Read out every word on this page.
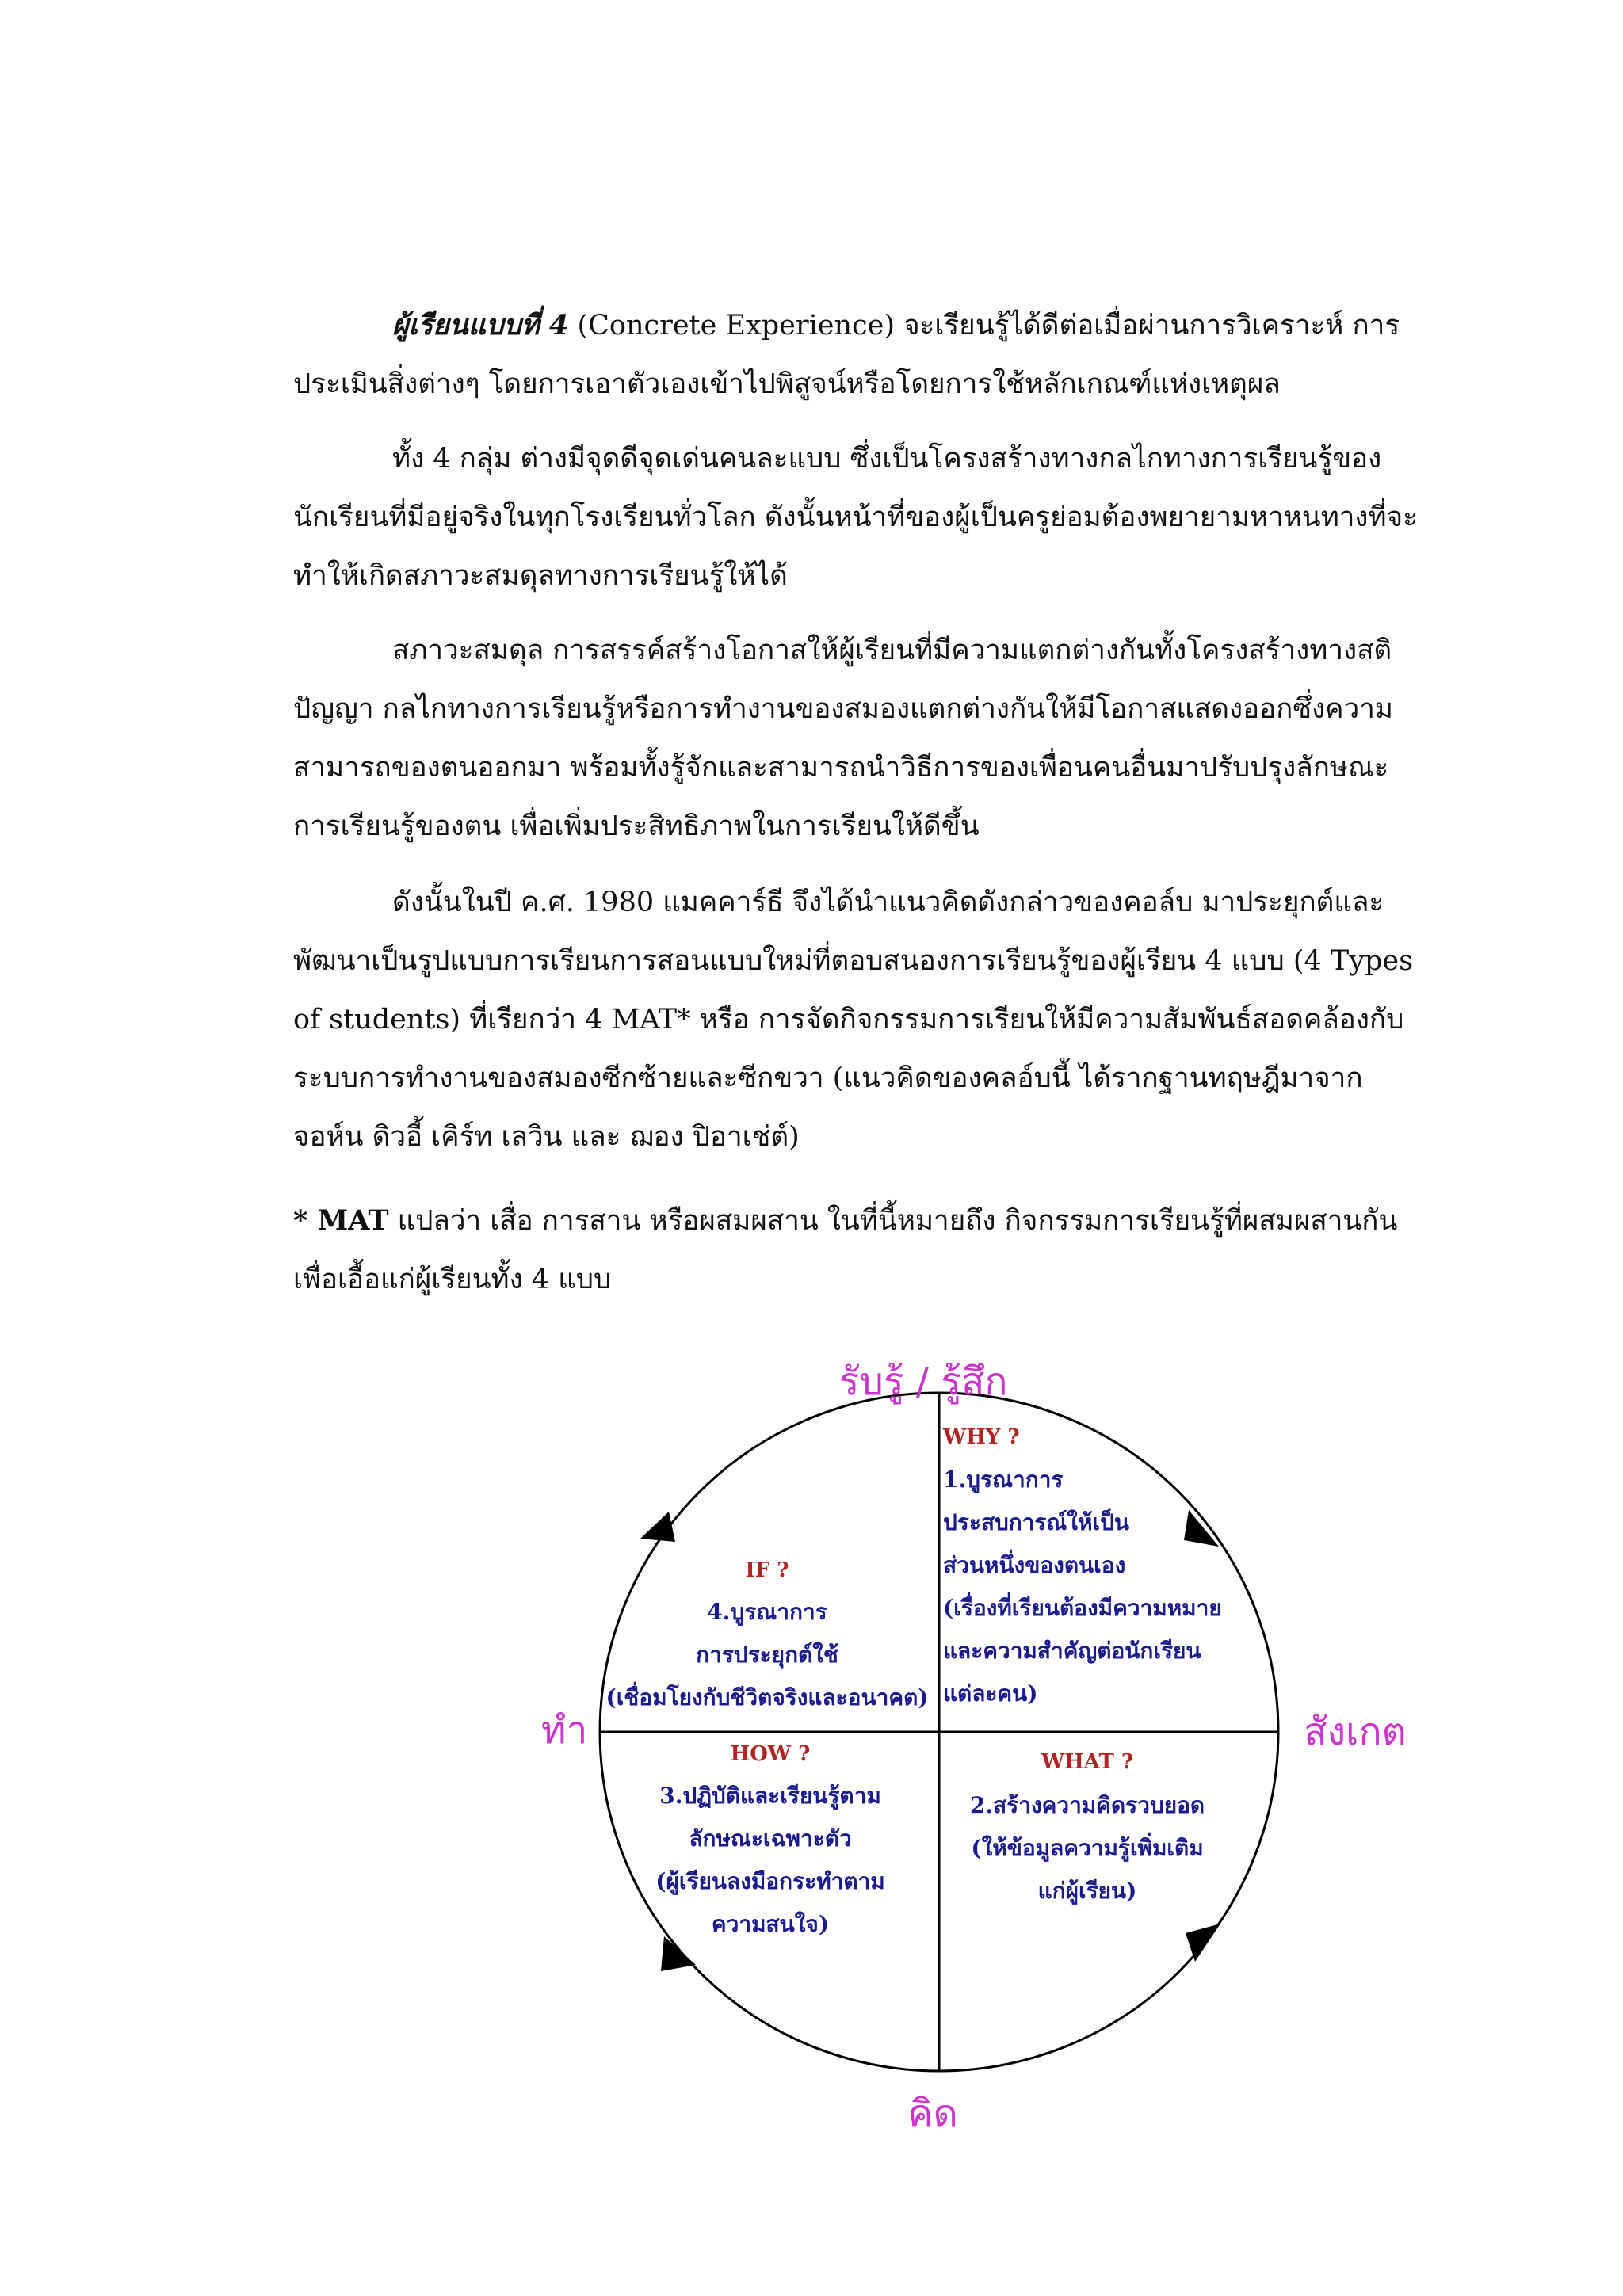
ผู้เรียนแบบที่ 4 (Concrete Experience) จะเรียนรู้ได้ดีต่อเมื่อผ่านการวิเคราะห์ การประเมินสิ่งต่างๆ โดยการเอาตัวเองเข้าไปพิสูจน์หรือโดยการใช้หลักเกณฑ์แห่งเหตุผล

ทั้ง 4 กลุ่ม ต่างมีจุดดีจุดเด่นคนละแบบ ซึ่งเป็นโครงสร้างทางกลไกทางการเรียนรู้ของนักเรียนที่มีอยู่จริงในทุกโรงเรียนทั่วโลก ดังนั้นหน้าที่ของผู้เป็นครูย่อมต้องพยายามหาหนทางที่จะทำให้เกิดสภาวะสมดุลทางการเรียนรู้ให้ได้

สภาวะสมดุล การสรรค์สร้างโอกาสให้ผู้เรียนที่มีความแตกต่างกันทั้งโครงสร้างทางสติปัญญา กลไกทางการเรียนรู้หรือการทำงานของสมองแตกต่างกันให้มีโอกาสแสดงออกซึ่งความสามารถของตนออกมา พร้อมทั้งรู้จักและสามารถนำวิธีการของเพื่อนคนอื่นมาปรับปรุงลักษณะการเรียนรู้ของตน เพื่อเพิ่มประสิทธิภาพในการเรียนให้ดีขึ้น

ดังนั้นในปี ค.ศ. 1980 แมคคาร์ธี จึงได้นำแนวคิดดังกล่าวของคอล์บ มาประยุกต์และพัฒนาเป็นรูปแบบการเรียนการสอนแบบใหม่ที่ตอบสนองการเรียนรู้ของผู้เรียน 4 แบบ (4 Types of students) ที่เรียกว่า 4 MAT* หรือ การจัดกิจกรรมการเรียนให้มีความสัมพันธ์สอดคล้องกับระบบการทำงานของสมองซีกซ้ายและซีกขวา (แนวคิดของคลอ์บนี้ ได้รากฐานทฤษฎีมาจาก จอห์น ดิวอี้ เคิร์ท เลวิน และ ฌอง ปิอาเช่ต์)

* MAT แปลว่า เสื่อ การสาน หรือผสมผสาน ในที่นี้หมายถึง กิจกรรมการเรียนรู้ที่ผสมผสานกันเพื่อเอื้อแก่ผู้เรียนทั้ง 4 แบบ

รับรู้ / รู้สึก
สังเกต
คิด
ทำ
WHY ?
1.บูรณาการ
ประสบการณ์ให้เป็น
ส่วนหนึ่งของตนเอง
(เรื่องที่เรียนต้องมีความหมาย
และความสำคัญต่อนักเรียน
แต่ละคน)
IF ?
4.บูรณาการ
การประยุกต์ใช้
(เชื่อมโยงกับชีวิตจริงและอนาคต)
HOW ?
3.ปฏิบัติและเรียนรู้ตาม
ลักษณะเฉพาะตัว
(ผู้เรียนลงมือกระทำตาม
ความสนใจ)
WHAT ?
2.สร้างความคิดรวบยอด
(ให้ข้อมูลความรู้เพิ่มเติม
แก่ผู้เรียน)
